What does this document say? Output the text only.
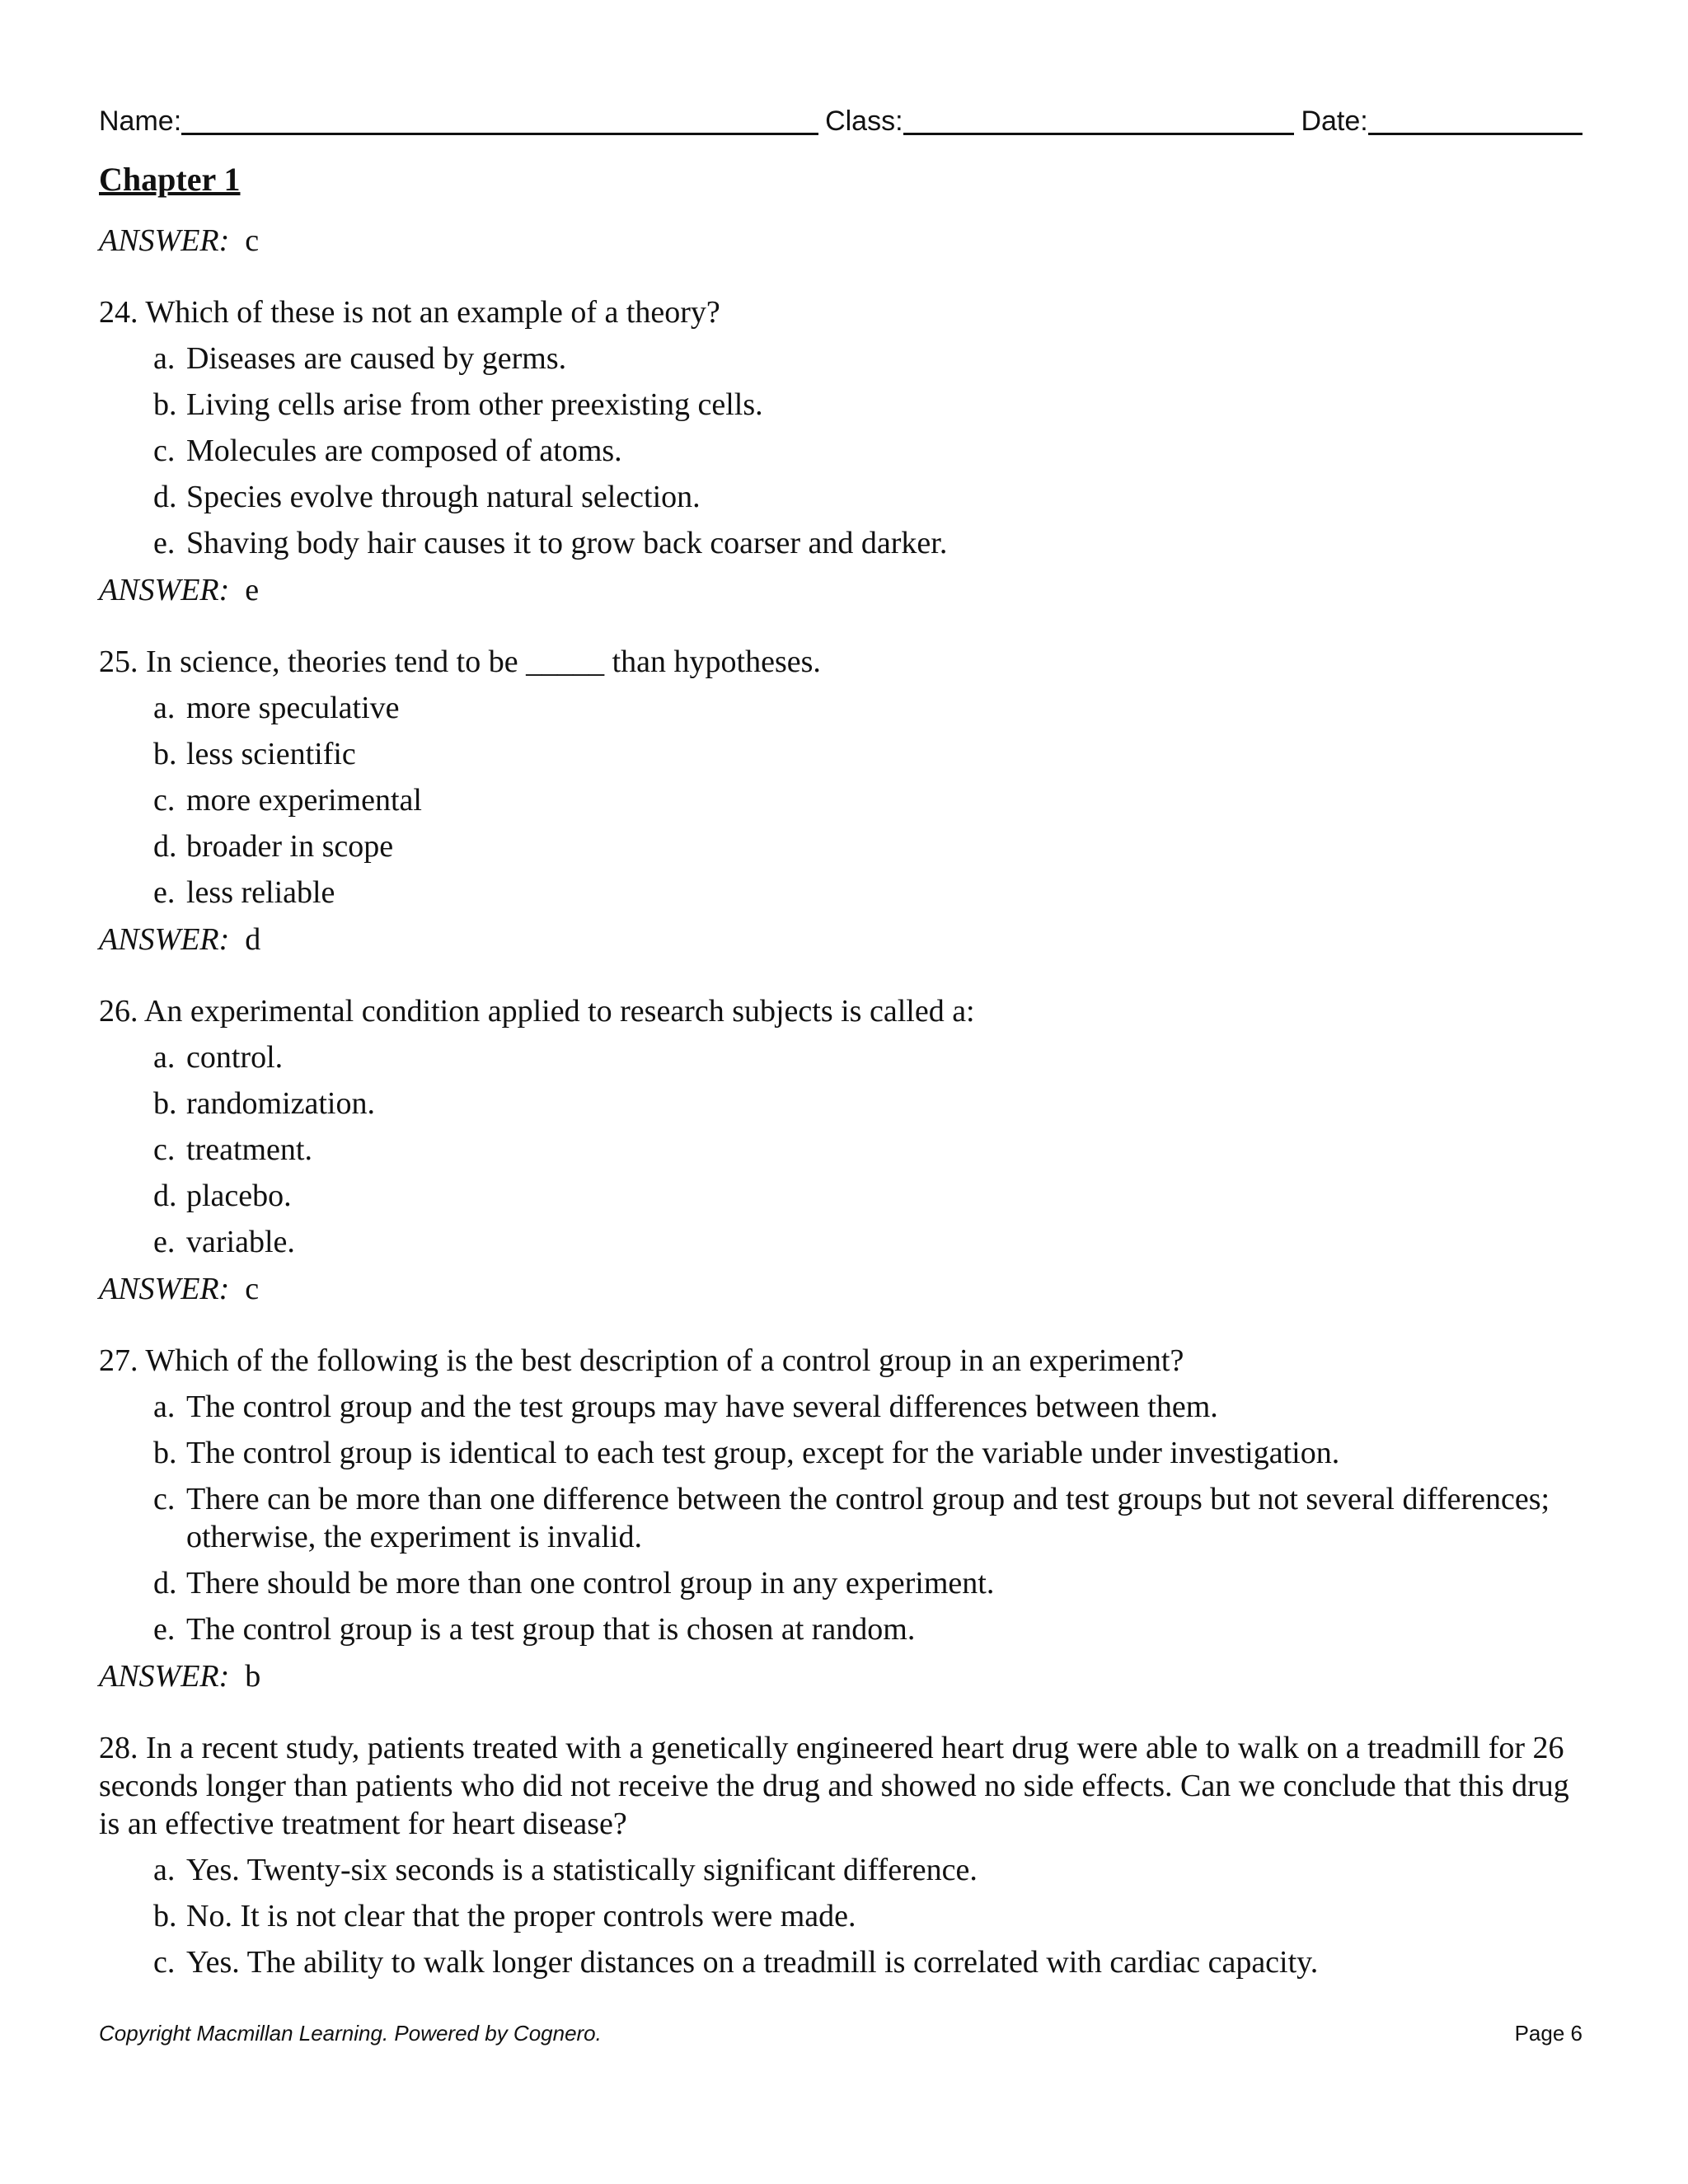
Name:	Class:	Date:
Chapter 1
ANSWER: c
24. Which of these is not an example of a theory?
a. Diseases are caused by germs.
b. Living cells arise from other preexisting cells.
c. Molecules are composed of atoms.
d. Species evolve through natural selection.
e. Shaving body hair causes it to grow back coarser and darker.
ANSWER: e
25. In science, theories tend to be _____ than hypotheses.
a. more speculative
b. less scientific
c. more experimental
d. broader in scope
e. less reliable
ANSWER: d
26. An experimental condition applied to research subjects is called a:
a. control.
b. randomization.
c. treatment.
d. placebo.
e. variable.
ANSWER: c
27. Which of the following is the best description of a control group in an experiment?
a. The control group and the test groups may have several differences between them.
b. The control group is identical to each test group, except for the variable under investigation.
c. There can be more than one difference between the control group and test groups but not several differences; otherwise, the experiment is invalid.
d. There should be more than one control group in any experiment.
e. The control group is a test group that is chosen at random.
ANSWER: b
28. In a recent study, patients treated with a genetically engineered heart drug were able to walk on a treadmill for 26 seconds longer than patients who did not receive the drug and showed no side effects. Can we conclude that this drug is an effective treatment for heart disease?
a. Yes. Twenty-six seconds is a statistically significant difference.
b. No. It is not clear that the proper controls were made.
c. Yes. The ability to walk longer distances on a treadmill is correlated with cardiac capacity.
Copyright Macmillan Learning. Powered by Cognero.	Page 6
